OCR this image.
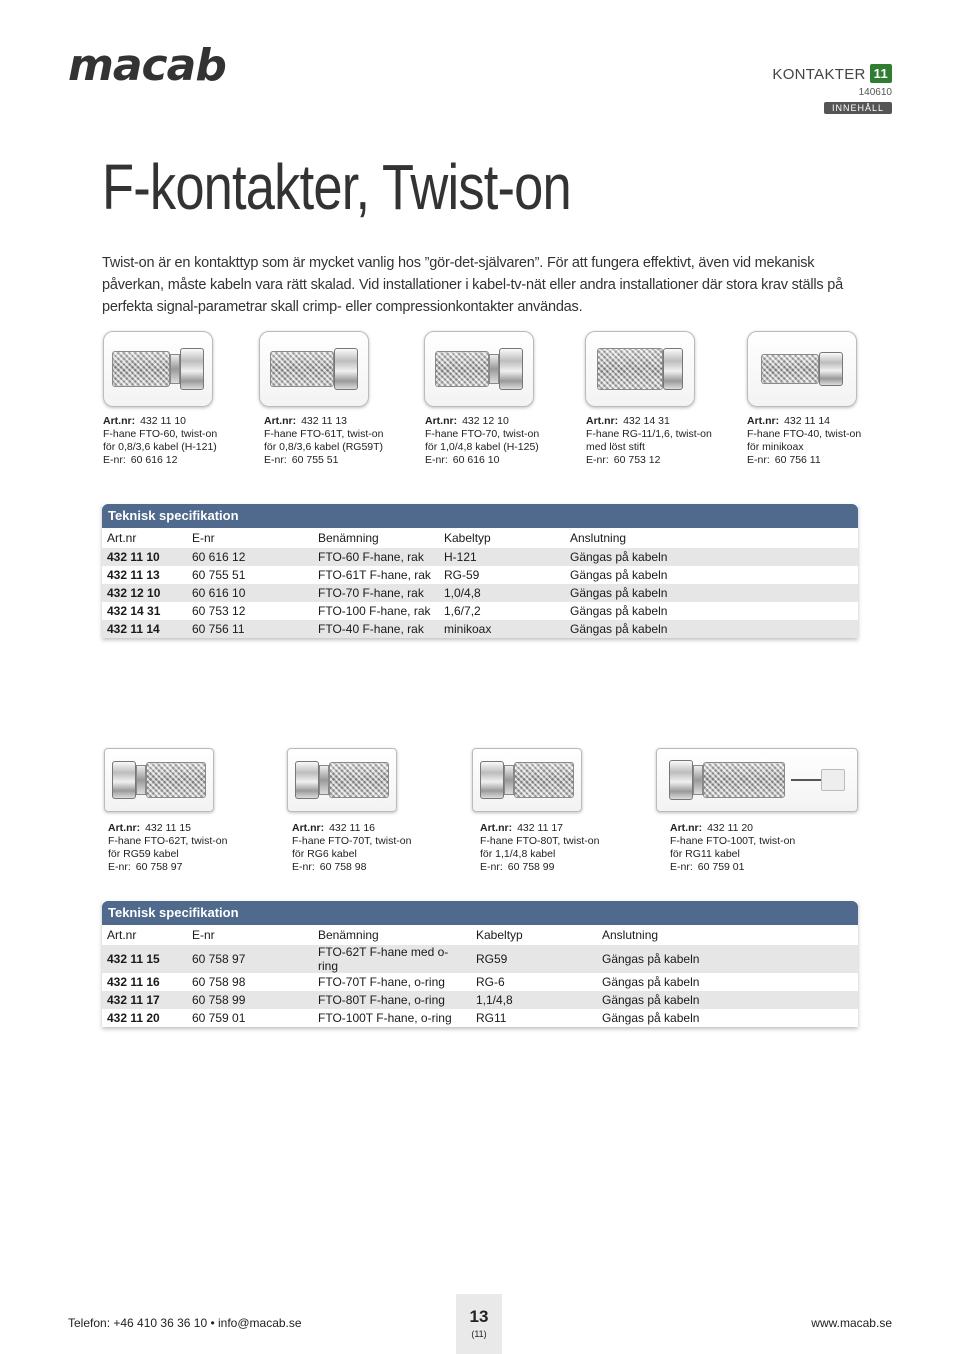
macab	KONTAKTER 11
140610
INNEHÅLL
F-kontakter, Twist-on
Twist-on är en kontakttyp som är mycket vanlig hos ”gör-det-självaren”. För att fungera effektivt, även vid mekanisk påverkan, måste kabeln vara rätt skalad. Vid installationer i kabel-tv-nät eller andra installationer där stora krav ställs på perfekta signal-parametrar skall crimp- eller compressionkontakter användas.
Art.nr: 432 11 10
F-hane FTO-60, twist-on
för 0,8/3,6 kabel (H-121)
E-nr: 60 616 12
Art.nr: 432 11 13
F-hane FTO-61T, twist-on
för 0,8/3,6 kabel (RG59T)
E-nr: 60 755 51
Art.nr: 432 12 10
F-hane FTO-70, twist-on
för 1,0/4,8 kabel (H-125)
E-nr: 60 616 10
Art.nr: 432 14 31
F-hane RG-11/1,6, twist-on
med löst stift
E-nr: 60 753 12
Art.nr: 432 11 14
F-hane FTO-40, twist-on
för minikoax
E-nr: 60 756 11
Teknisk specifikation
Art.nr	E-nr	Benämning	Kabeltyp	Anslutning
432 11 10	60 616 12	FTO-60 F-hane, rak	H-121	Gängas på kabeln
432 11 13	60 755 51	FTO-61T F-hane, rak	RG-59	Gängas på kabeln
432 12 10	60 616 10	FTO-70 F-hane, rak	1,0/4,8	Gängas på kabeln
432 14 31	60 753 12	FTO-100 F-hane, rak	1,6/7,2	Gängas på kabeln
432 11 14	60 756 11	FTO-40 F-hane, rak	minikoax	Gängas på kabeln
Art.nr: 432 11 15
F-hane FTO-62T, twist-on
för RG59 kabel
E-nr: 60 758 97
Art.nr: 432 11 16
F-hane FTO-70T, twist-on
för RG6 kabel
E-nr: 60 758 98
Art.nr: 432 11 17
F-hane FTO-80T, twist-on
för 1,1/4,8 kabel
E-nr: 60 758 99
Art.nr: 432 11 20
F-hane FTO-100T, twist-on
för RG11 kabel
E-nr: 60 759 01
Teknisk specifikation
Art.nr	E-nr	Benämning	Kabeltyp	Anslutning
432 11 15	60 758 97	FTO-62T F-hane med o-ring	RG59	Gängas på kabeln
432 11 16	60 758 98	FTO-70T F-hane, o-ring	RG-6	Gängas på kabeln
432 11 17	60 758 99	FTO-80T F-hane, o-ring	1,1/4,8	Gängas på kabeln
432 11 20	60 759 01	FTO-100T F-hane, o-ring	RG11	Gängas på kabeln
Telefon: +46 410 36 36 10 • info@macab.se	13
(11)
www.macab.se
